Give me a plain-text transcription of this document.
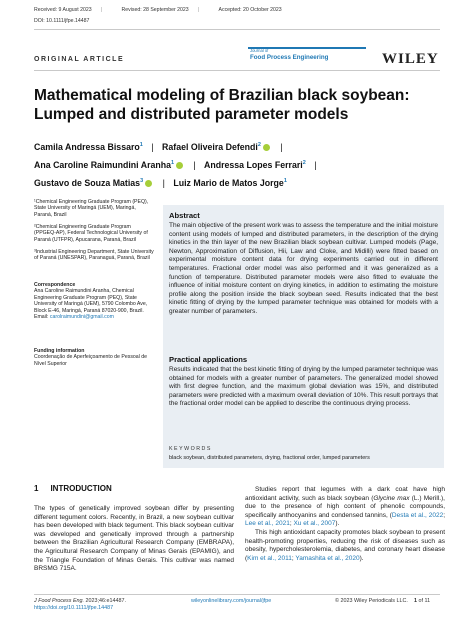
Received: 9 August 2023 |	Revised: 28 September 2023 |	Accepted: 20 October 2023
DOI: 10.1111/jfpe.14487
ORIGINAL ARTICLE
Journal of
Food Process Engineering	WILEY
Mathematical modeling of Brazilian black soybean:
Lumped and distributed parameter models
Camila Andressa Bissaro$^1$ | Rafael Oliveira Defendi$^2$ |
Ana Caroline Raimundini Aranha$^1$ | Andressa Lopes Ferrari$^2$ |
Gustavo de Souza Matias$^3$ | Luiz Mario de Matos Jorge$^1$
¹Chemical Engineering Graduate Program (PEQ), State University of Maringá (UEM), Maringá, Paraná, Brazil
²Chemical Engineering Graduate Program (PPGEQ-AP), Federal Technological University of Paraná (UTFPR), Apucarana, Paraná, Brazil
³Industrial Engineering Department, State University of Paraná (UNESPAR), Paranaguá, Paraná, Brazil
Correspondence
Ana Caroline Raimundini Aranha, Chemical Engineering Graduate Program (PEQ), State University of Maringá (UEM), 5790 Colombo Ave, Block E-46, Maringá, Paraná 87020-900, Brazil.
Email: carolraimundini@gmail.com
Funding information
Coordenação de Aperfeiçoamento de Pessoal de Nível Superior
Abstract
The main objective of the present work was to assess the temperature and the initial moisture content using models of lumped and distributed parameters, in the description of the drying kinetics in the thin layer of the new Brazilian black soybean cultivar. Lumped models (Page, Newton, Approximation of Diffusion, Hii, Law and Cloke, and Midilli) were fitted based on experimental moisture content data for drying experiments carried out in different temperatures. Fractional order model was also performed and it was generalized as a function of temperature. Distributed parameter models were also fitted to evaluate the influence of initial moisture content on drying kinetics, in addition to estimating the moisture profile along the position inside the black soybean seed. Results indicated that the best kinetic fitting of drying by the lumped parameter technique was obtained for models with a greater number of parameters.
Practical applications
Results indicated that the best kinetic fitting of drying by the lumped parameter technique was obtained for models with a greater number of parameters. The generalized model showed with first degree function, and the maximum global deviation was 15%, and distributed parameters were predicted with a maximum overall deviation of 10%. This result portrays that the fractional order model can be applied to describe the continuous drying process.
KEYWORDS
black soybean, distributed parameters, drying, fractional order, lumped parameters
1 INTRODUCTION
The types of genetically improved soybean differ by presenting different tegument colors. Recently, in Brazil, a new soybean cultivar has been developed with black tegument. This black soybean cultivar was developed and genetically improved through a partnership between the Brazilian Agricultural Research Company (EMBRAPA), the Agricultural Research Company of Minas Gerais (EPAMIG), and the Triangle Foundation of Minas Gerais. This cultivar was named BRSMG 715A.
Studies report that legumes with a dark coat have high antioxidant activity, such as black soybean (Glycine max (L.) Merill.), due to the presence of high content of phenolic compounds, specifically anthocyanins and condensed tannins, (Desta et al., 2022; Lee et al., 2021; Xu et al., 2007).
This high antioxidant capacity promotes black soybean to present health-promoting properties, reducing the risk of diseases such as obesity, hypercholesterolemia, diabetes, and coronary heart disease (Kim et al., 2011; Yamashita et al., 2020).
J Food Process Eng. 2023;46:e14487.
https://doi.org/10.1111/jfpe.14487
wileyonlinelibrary.com/journal/jfpe	© 2023 Wiley Periodicals LLC. 1 of 11
